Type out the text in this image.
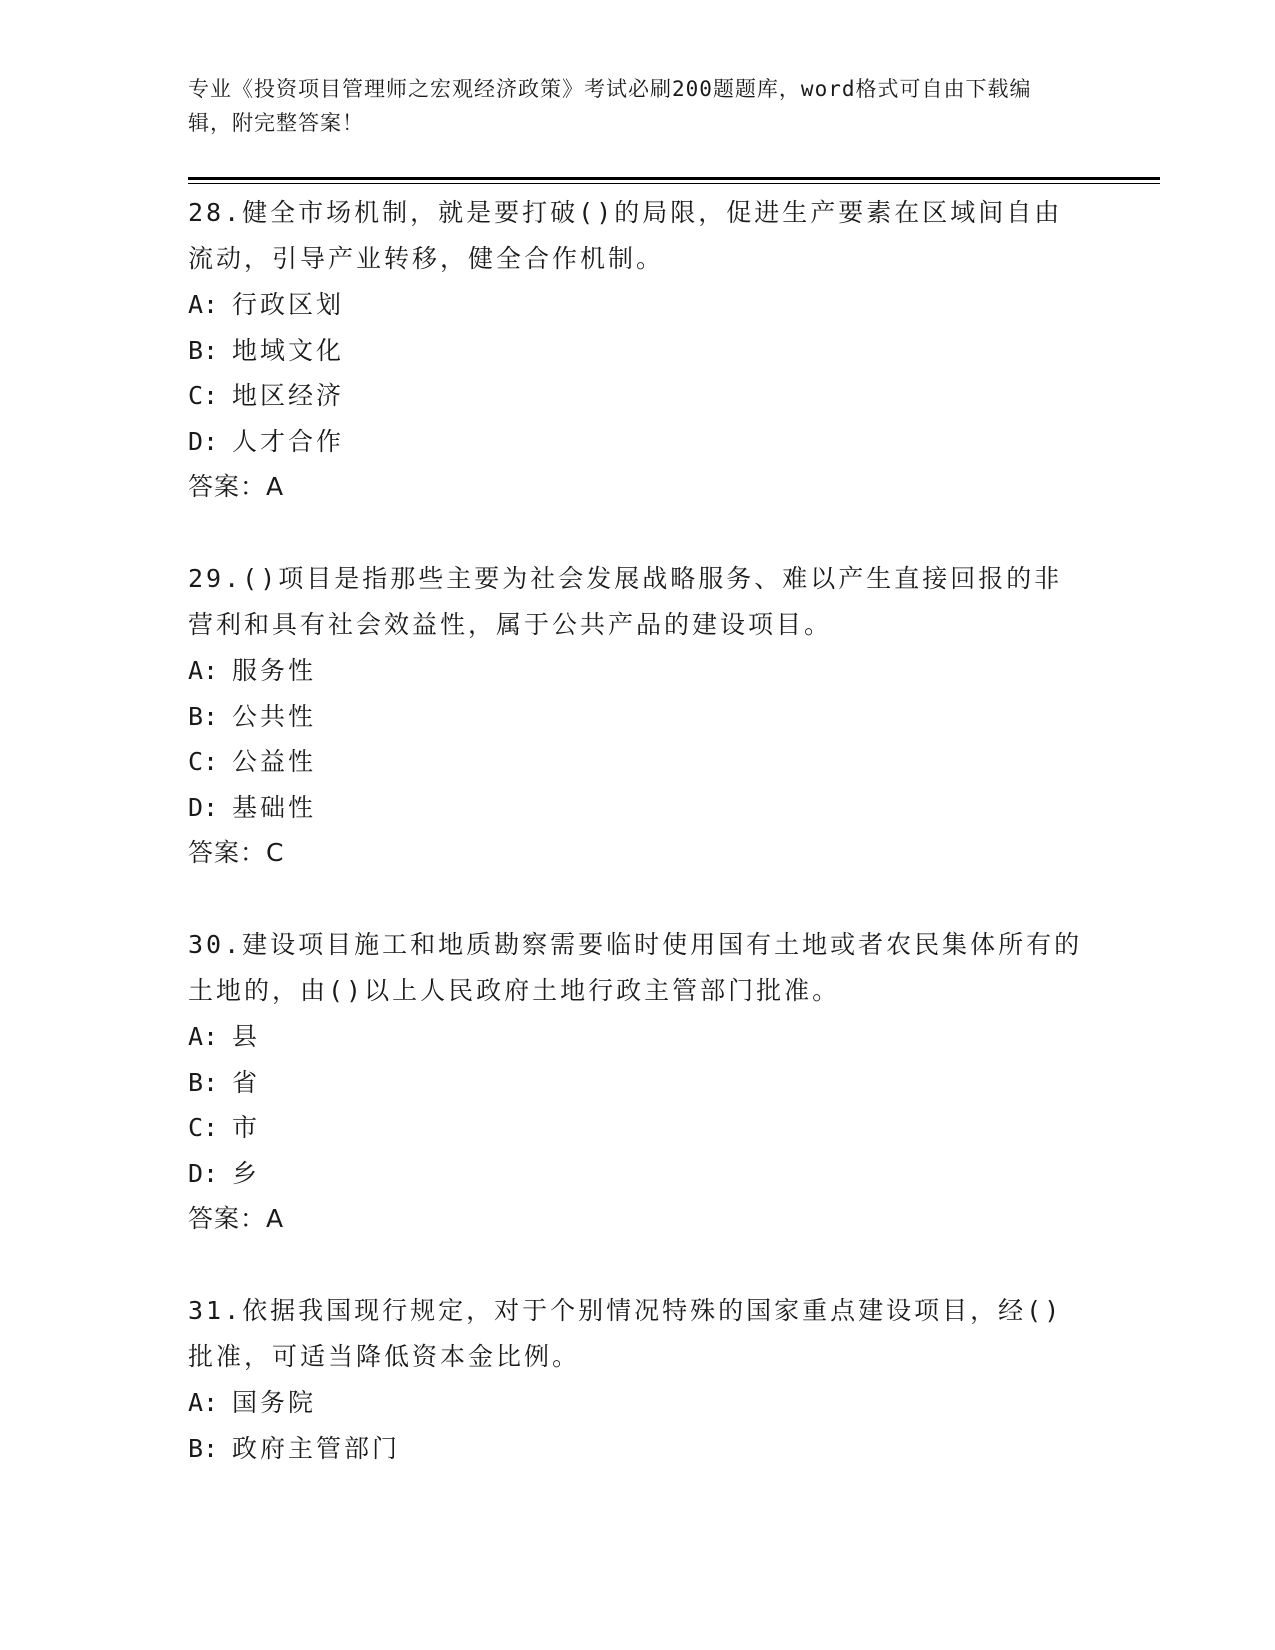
专业《投资项目管理师之宏观经济政策》考试必刷200题题库，word格式可自由下载编辑，附完整答案！

28.健全市场机制，就是要打破()的局限，促进生产要素在区域间自由流动，引导产业转移，健全合作机制。

A: 行政区划

B: 地域文化

C: 地区经济

D: 人才合作

答案：A

29.()项目是指那些主要为社会发展战略服务、难以产生直接回报的非营利和具有社会效益性，属于公共产品的建设项目。

A: 服务性

B: 公共性

C: 公益性

D: 基础性

答案：C

30.建设项目施工和地质勘察需要临时使用国有土地或者农民集体所有的土地的，由()以上人民政府土地行政主管部门批准。

A: 县

B: 省

C: 市

D: 乡

答案：A

31.依据我国现行规定，对于个别情况特殊的国家重点建设项目，经()批准，可适当降低资本金比例。

A: 国务院

B: 政府主管部门
